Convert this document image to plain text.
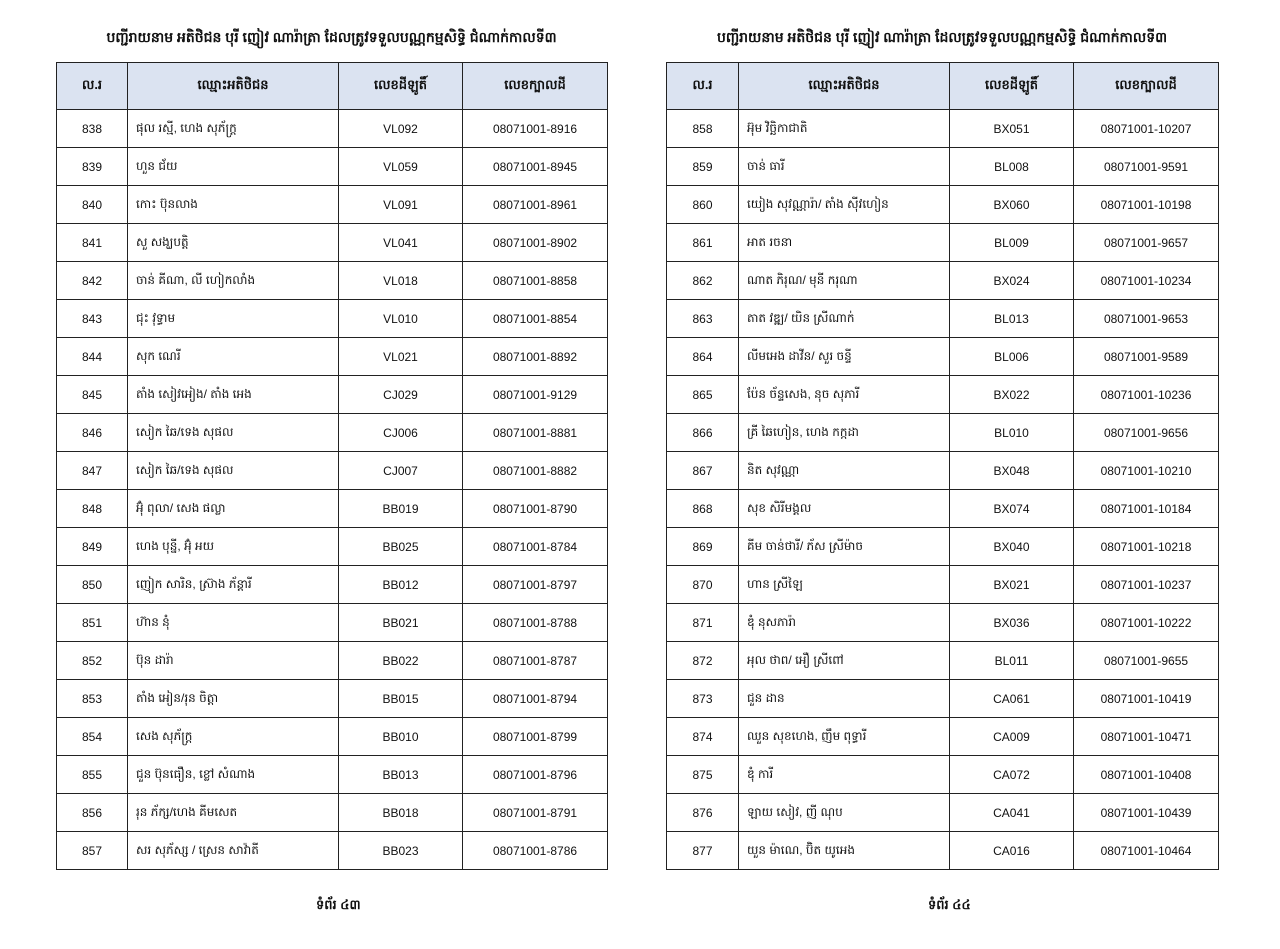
បញ្ជីរាយនាម អតិថិជន បុរី ញៀវ ណារ៉ាត្រា ដែលត្រូវទទួលបណ្ណកម្មសិទ្ធិ ជំណាក់កាលទី៣
ល.រ	ឈ្មោះអតិថិជន	លេខដីឡូតិ៍	លេខក្បាលដី
838	ផុល រស្មី, ហេង សុភ័ក្រ្ត	VL092	08071001-8916
839	ហួន ជ័យ	VL059	08071001-8945
840	កោះ ប៊ុនលាង	VL091	08071001-8961
841	សួ សង្ឃបត្តិ	VL041	08071001-8902
842	ចាន់ គីណា, លី ហៀកលាំង	VL018	08071001-8858
843	ជុះ វុទ្ធាម	VL010	08071001-8854
844	សុក ណេរី	VL021	08071001-8892
845	តាំង សៀវអៀង/ តាំង អេង	CJ029	08071001-9129
846	សៀក ឆៃ/ទេង សុផល	CJ006	08071001-8881
847	សៀក ឆៃ/ទេង សុផល	CJ007	08071001-8882
848	អ៊ុំ ពុលា/ សេង ផល្លា	BB019	08071001-8790
849	ហេង បុន្នី, អ៊ុំ អយ	BB025	08071001-8784
850	ញៀក សារិន, ស្រ៊ាង ភ័ន្តារី	BB012	08071001-8797
851	ហ៊ាន នុំ	BB021	08071001-8788
852	ប៊ុន ដារ៉ា	BB022	08071001-8787
853	តាំង អៀន/រុន ចិត្តា	BB015	08071001-8794
854	សេង សុភ័ក្រ្ត	BB010	08071001-8799
855	ជួន ប៊ុនធឿន, ខ្លៅ សំណាង	BB013	08071001-8796
856	រុន ភ័ក្ស/ហេង គីមសេត	BB018	08071001-8791
857	សរ សុភ័ស្ស / ស្រេន សាវ៉ាតី	BB023	08071001-8786
ទំព័រ ៤៣
បញ្ជីរាយនាម អតិថិជន បុរី ញៀវ ណារ៉ាត្រា ដែលត្រូវទទួលបណ្ណកម្មសិទ្ធិ ជំណាក់កាលទី៣
ល.រ	ឈ្មោះអតិថិជន	លេខដីឡូតិ៍	លេខក្បាលដី
858	អ៊ុម វិច្ឆិកាជាតិ	BX051	08071001-10207
859	ចាន់ ធារី	BL008	08071001-9591
860	យៀង សុវណ្ណារ៉ា/ តាំង ស៊ីវហៀន	BX060	08071001-10198
861	អាត រចនា	BL009	08071001-9657
862	ណាត ភិរុណ/ មុនី ករុណា	BX024	08071001-10234
863	តាត វឌ្ឍ/ យិន ស្រីណាក់	BL013	08071001-9653
864	លីមអេង ដាវីន/ សួរ ចន្ទី	BL006	08071001-9589
865	ប៉ែន ច័ន្ទសេង, នុច សុភារី	BX022	08071001-10236
866	គ្រី ឆៃហៀន, ហេង កក្កដា	BL010	08071001-9656
867	និត សុវណ្ណា	BX048	08071001-10210
868	សុខ សិរីមង្គល	BX074	08071001-10184
869	គីម ចាន់ថារី/ ភ័ស ស្រីម៉ាច	BX040	08071001-10218
870	ហាន ស្រីឡៃ	BX021	08071001-10237
871	ឌុំ នុសភារ៉ា	BX036	08071001-10222
872	អុល ថាព/ អឿ ស្រីពៅ	BL011	08071001-9655
873	ជួន ដាន	CA061	08071001-10419
874	ឈួន សុខហេង, ញឹម ពុទ្ធារី	CA009	08071001-10471
875	ឌុំ ការី	CA072	08071001-10408
876	ឡាយ សៀវ, ញី ណុប	CA041	08071001-10439
877	យួន ម៉ាណេ, ប៊ិត យូអេង	CA016	08071001-10464
ទំព័រ ៤៤
